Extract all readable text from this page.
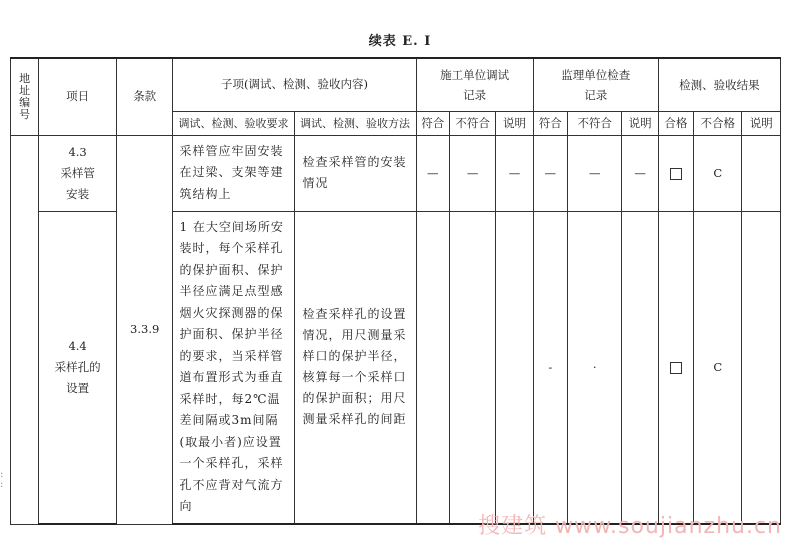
续表 E. I
地址编号	项日	条款	子项(调试、检测、验收内容)		施工单位调试记录			监理单位检查记录			检测、验收结果		

			调试、检测、验收要求	调试、检测、验收方法	符合	不符合	说明	符合	不符合	说明	合格	不合格	说明
	4.3
采样管
安装	3.3.9	采样管应牢固安装在过梁、支架等建筑结构上	检查采样管的安装情况	—	—	—	—	—	—		C	
	4.4
采样孔的
设置		1 在大空间场所安装时，每个采样孔的保护面积、保护半径应满足点型感烟火灾探测器的保护面积、保护半径的要求，当采样管道布置形式为垂直采样时，每2℃温差间隔或3m间隔(取最小者)应设置一个采样孔，采样孔不应背对气流方向	检查采样孔的设置情况，用尺测量采样口的保护半径，核算每一个采样口的保护面积；用尺测量采样孔的间距				-	·			C	
:
:
搜建筑 www.soujianzhu.cn
